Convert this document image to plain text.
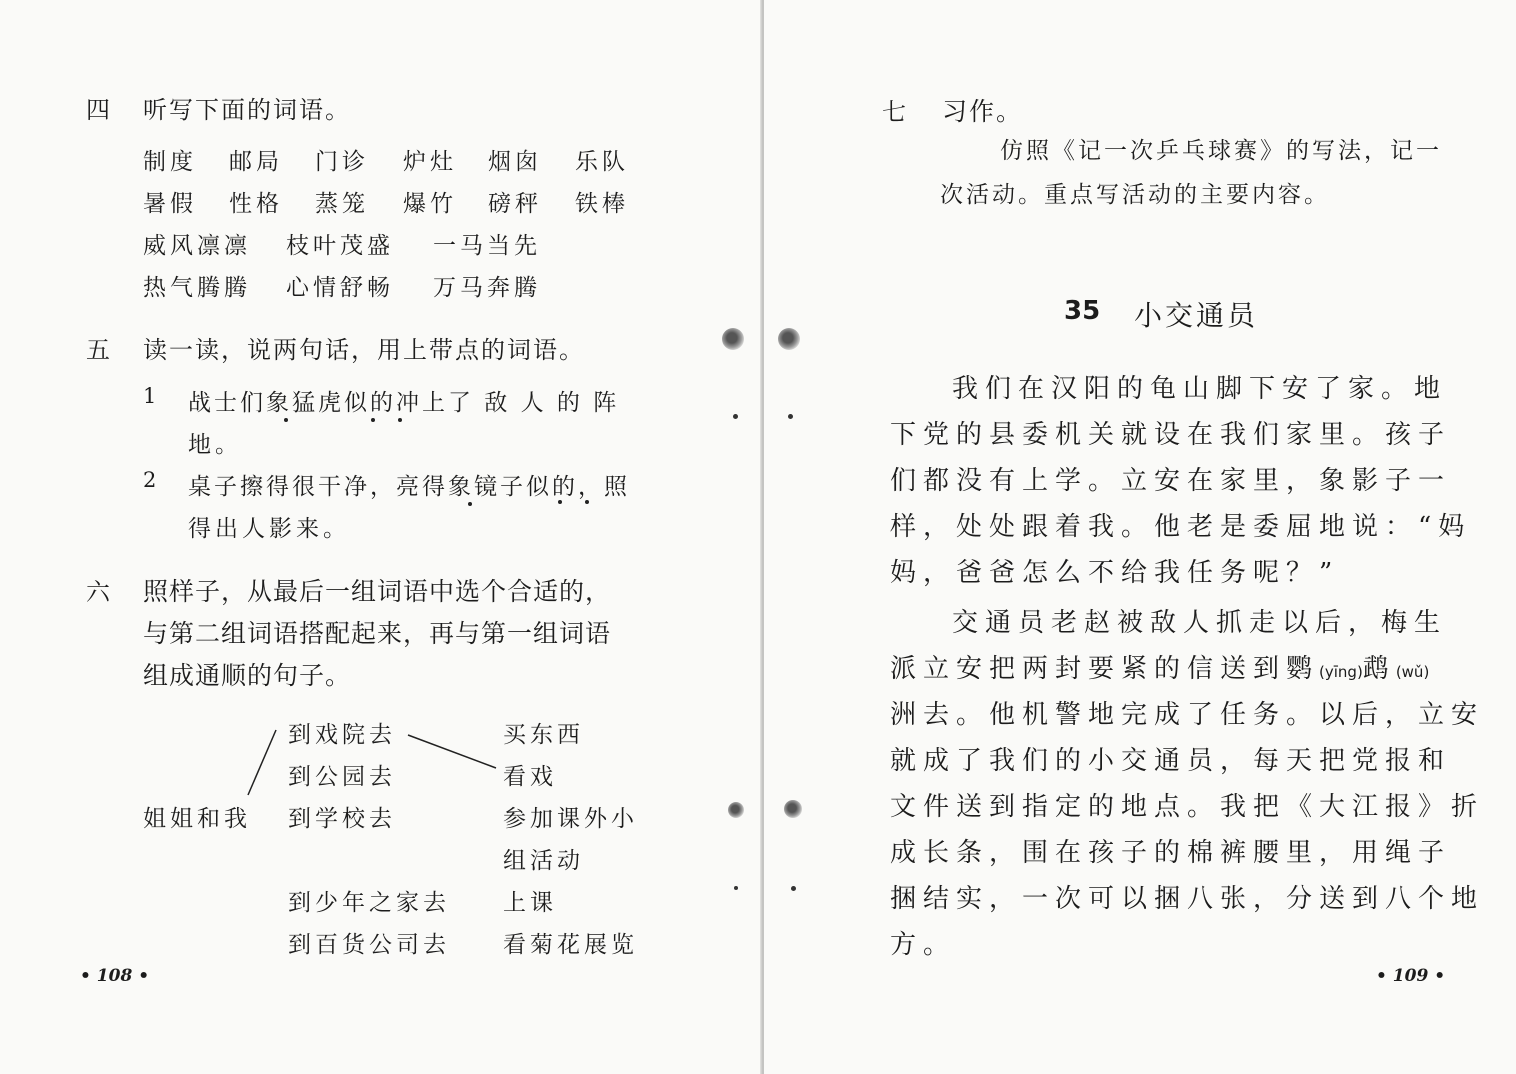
四 听写下面的词语。
制度 邮局 门诊 炉灶 烟囱 乐队
暑假 性格 蒸笼 爆竹 磅秤 铁棒
威风凛凛 枝叶茂盛 一马当先
热气腾腾 心情舒畅 万马奔腾
五 读一读，说两句话，用上带点的词语。
1 战士们象猛虎似的冲上了 敌 人 的 阵
地。
2 桌子擦得很干净，亮得象镜子似的，照
得出人影来。
六 照样子，从最后一组词语中选个合适的，
与第二组词语搭配起来，再与第一组词语
组成通顺的句子。
姐姐和我
到戏院去
到公园去
到学校去
到少年之家去
到百货公司去
买东西
看戏
参加课外小
组活动
上课
看菊花展览
• 108 •
七 习作。
仿照《记一次乒乓球赛》的写法，记一
次活动。重点写活动的主要内容。
35 小交通员
我们在汉阳的龟山脚下安了家。地
下党的县委机关就设在我们家里。孩子
们都没有上学。立安在家里，象影子一
样，处处跟着我。他老是委屈地说：“妈
妈，爸爸怎么不给我任务呢？”
交通员老赵被敌人抓走以后，梅生
派立安把两封要紧的信送到鹦(yīng)鹉(wǔ)
洲去。他机警地完成了任务。以后，立安
就成了我们的小交通员，每天把党报和
文件送到指定的地点。我把《大江报》折
成长条，围在孩子的棉裤腰里，用绳子
捆结实，一次可以捆八张，分送到八个地
方。
• 109 •
